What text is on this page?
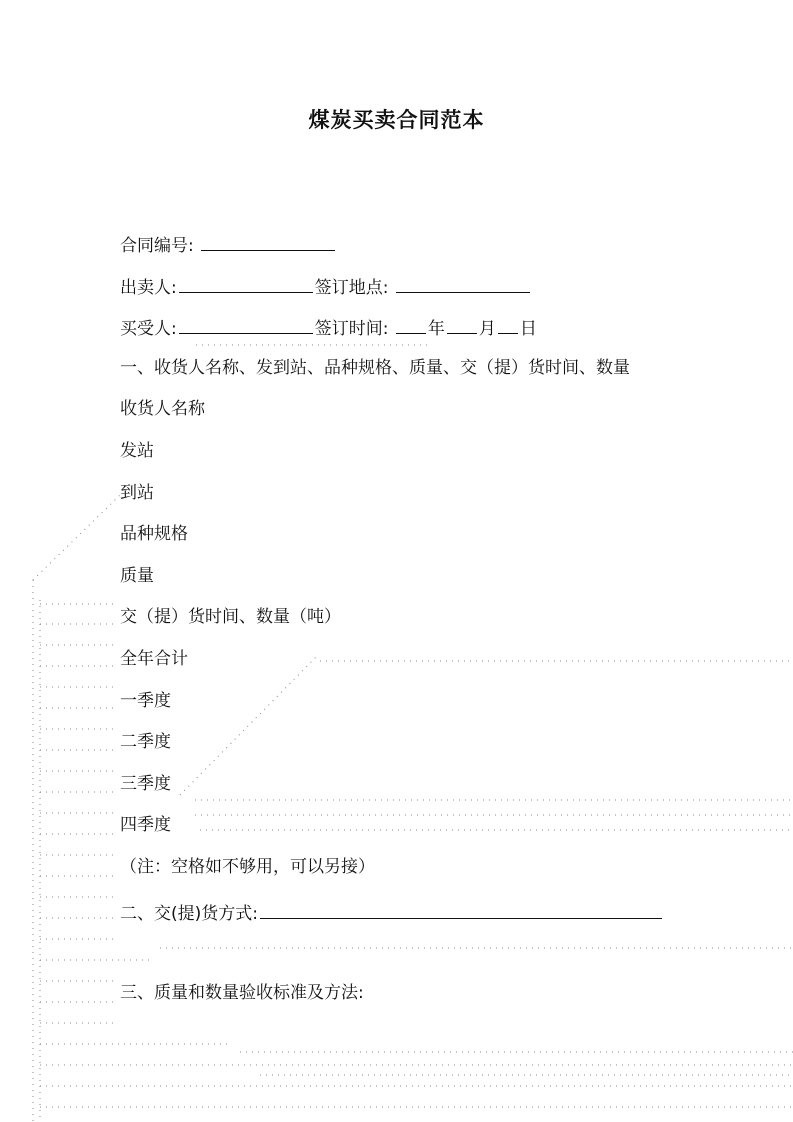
煤炭买卖合同范本
合同编号:
出卖人:	签订地点:
买受人:	签订时间: 年 月 日
一、收货人名称、发到站、品种规格、质量、交（提）货时间、数量
收货人名称
发站
到站
品种规格
质量
交（提）货时间、数量（吨）
全年合计
一季度
二季度
三季度
四季度
（注：空格如不够用，可以另接）
二、交(提)货方式:
三、质量和数量验收标准及方法:
